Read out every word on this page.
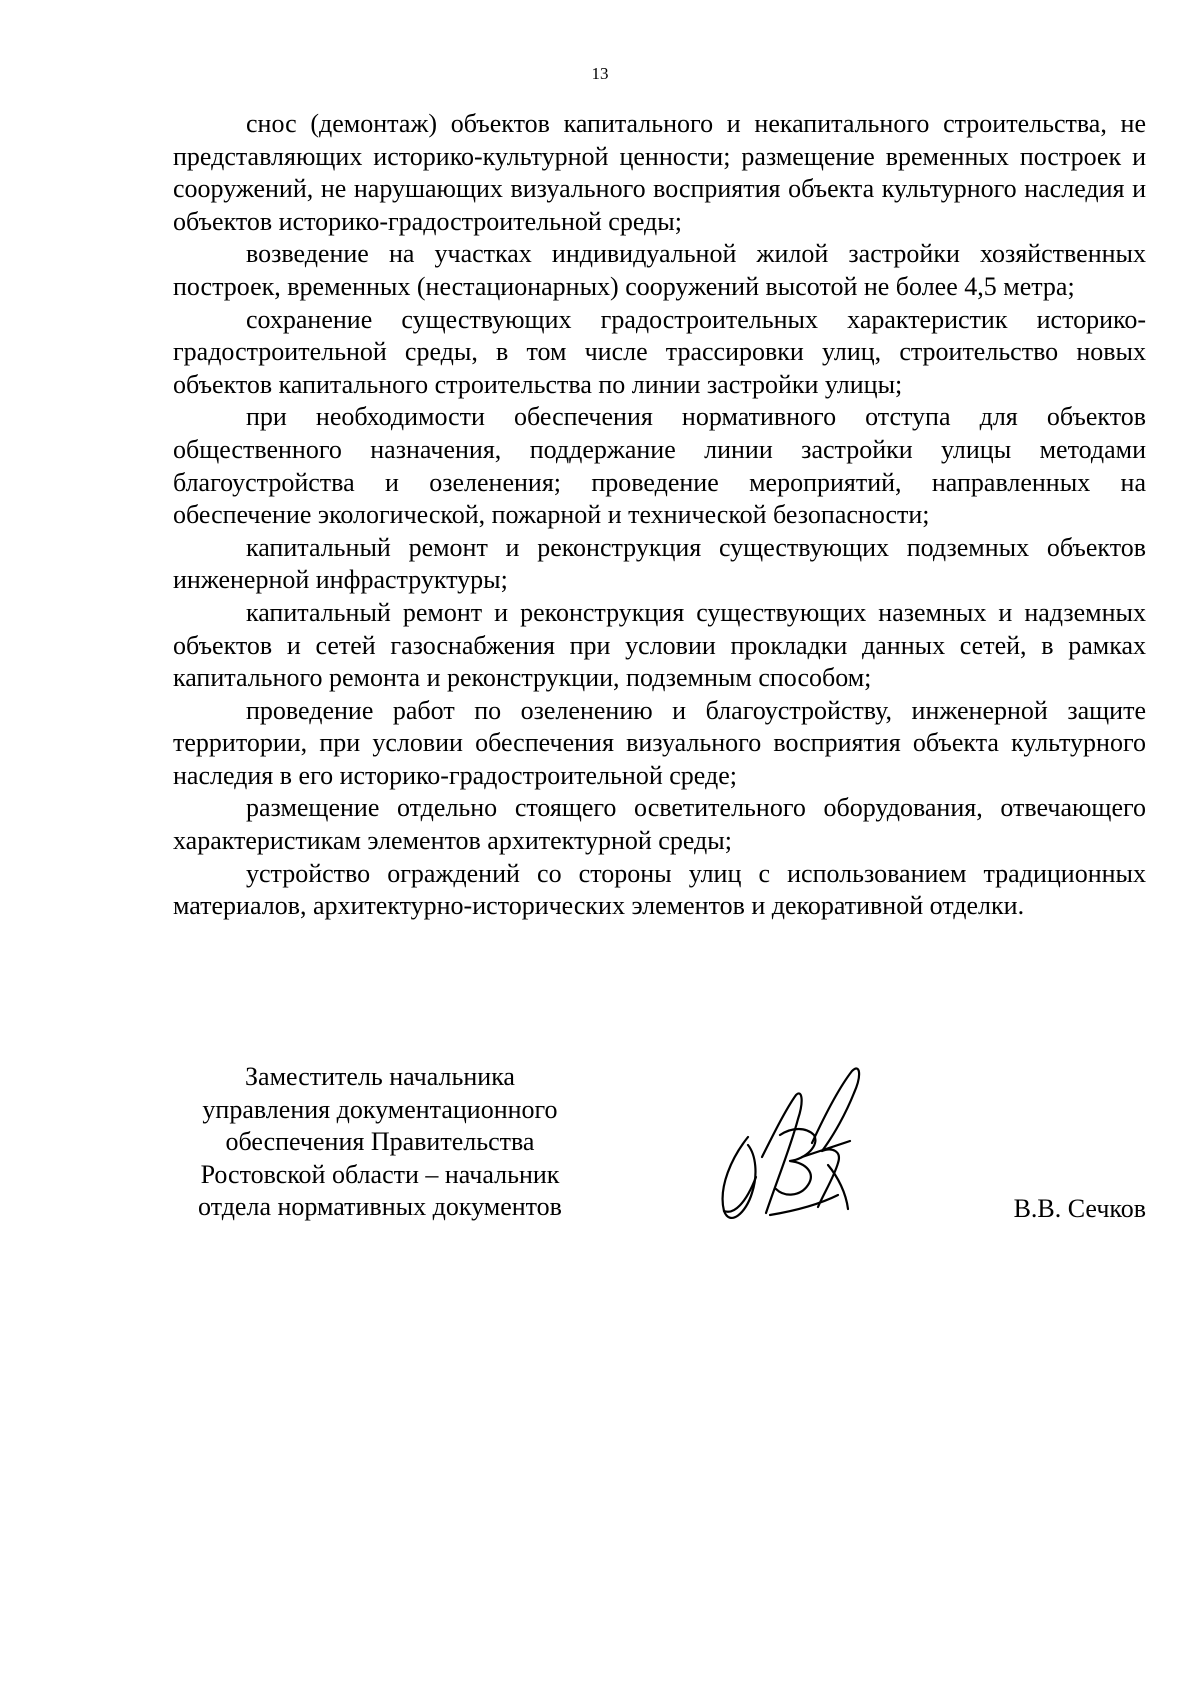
13

снос (демонтаж) объектов капитального и некапитального строительства, не представляющих историко-культурной ценности; размещение временных построек и сооружений, не нарушающих визуального восприятия объекта культурного наследия и объектов историко-градостроительной среды;

возведение на участках индивидуальной жилой застройки хозяйственных построек, временных (нестационарных) сооружений высотой не более 4,5 метра;

сохранение существующих градостроительных характеристик историко-градостроительной среды, в том числе трассировки улиц, строительство новых объектов капитального строительства по линии застройки улицы;

при необходимости обеспечения нормативного отступа для объектов общественного назначения, поддержание линии застройки улицы методами благоустройства и озеленения; проведение мероприятий, направленных на обеспечение экологической, пожарной и технической безопасности;

капитальный ремонт и реконструкция существующих подземных объектов инженерной инфраструктуры;

капитальный ремонт и реконструкция существующих наземных и надземных объектов и сетей газоснабжения при условии прокладки данных сетей, в рамках капитального ремонта и реконструкции, подземным способом;

проведение работ по озеленению и благоустройству, инженерной защите территории, при условии обеспечения визуального восприятия объекта культурного наследия в его историко-градостроительной среде;

размещение отдельно стоящего осветительного оборудования, отвечающего характеристикам элементов архитектурной среды;

устройство ограждений со стороны улиц с использованием традиционных материалов, архитектурно-исторических элементов и декоративной отделки.

Заместитель начальника
управления документационного
обеспечения Правительства
Ростовской области – начальник
отдела нормативных документов	В.В. Сечков
